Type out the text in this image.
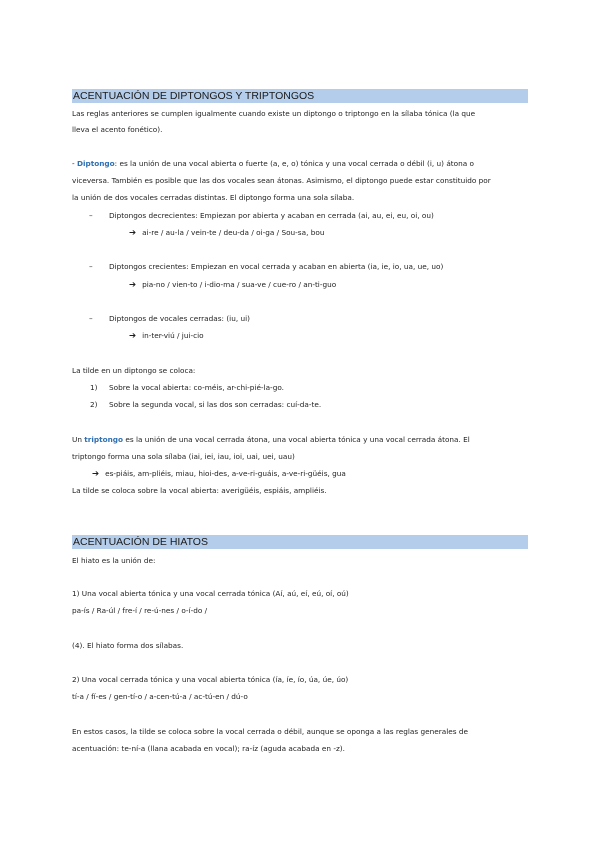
ACENTUACIÓN DE DIPTONGOS Y TRIPTONGOS
Las reglas anteriores se cumplen igualmente cuando existe un diptongo o triptongo en la sílaba tónica (la que
lleva el acento fonético).
- Diptongo: es la unión de una vocal abierta o fuerte (a, e, o) tónica y una vocal cerrada o débil (i, u) átona o
viceversa. También es posible que las dos vocales sean átonas. Asimismo, el diptongo puede estar constituido por
la unión de dos vocales cerradas distintas. El diptongo forma una sola sílaba.
– Diptongos decrecientes: Empiezan por abierta y acaban en cerrada (ai, au, ei, eu, oi, ou)
➔ ai-re / au-la / vein-te / deu-da / oi-ga / Sou-sa, bou
– Diptongos crecientes: Empiezan en vocal cerrada y acaban en abierta (ia, ie, io, ua, ue, uo)
➔ pia-no / vien-to / i-dio-ma / sua-ve / cue-ro / an-ti-guo
– Diptongos de vocales cerradas: (iu, ui)
➔ in-ter-viú / jui-cio
La tilde en un diptongo se coloca:
1) Sobre la vocal abierta: co-méis, ar-chi-pié-la-go.
2) Sobre la segunda vocal, si las dos son cerradas: cuí-da-te.
Un triptongo es la unión de una vocal cerrada átona, una vocal abierta tónica y una vocal cerrada átona. El
triptongo forma una sola sílaba (iai, iei, iau, ioi, uai, uei, uau)
➔ es-piáis, am-pliéis, miau, hioi-des, a-ve-ri-guáis, a-ve-ri-güéis, gua
La tilde se coloca sobre la vocal abierta: averigüéis, espiáis, ampliéis.
ACENTUACIÓN DE HIATOS
El hiato es la unión de:
1) Una vocal abierta tónica y una vocal cerrada tónica (Aí, aú, eí, eú, oí, oú)
pa-ís / Ra-úl / fre-í / re-ú-nes / o-í-do /
(4). El hiato forma dos sílabas.
2) Una vocal cerrada tónica y una vocal abierta tónica (ía, íe, ío, úa, úe, úo)
tí-a / fí-es / gen-tí-o / a-cen-tú-a / ac-tú-en / dú-o
En estos casos, la tilde se coloca sobre la vocal cerrada o débil, aunque se oponga a las reglas generales de
acentuación: te-ní-a (llana acabada en vocal); ra-íz (aguda acabada en -z).
